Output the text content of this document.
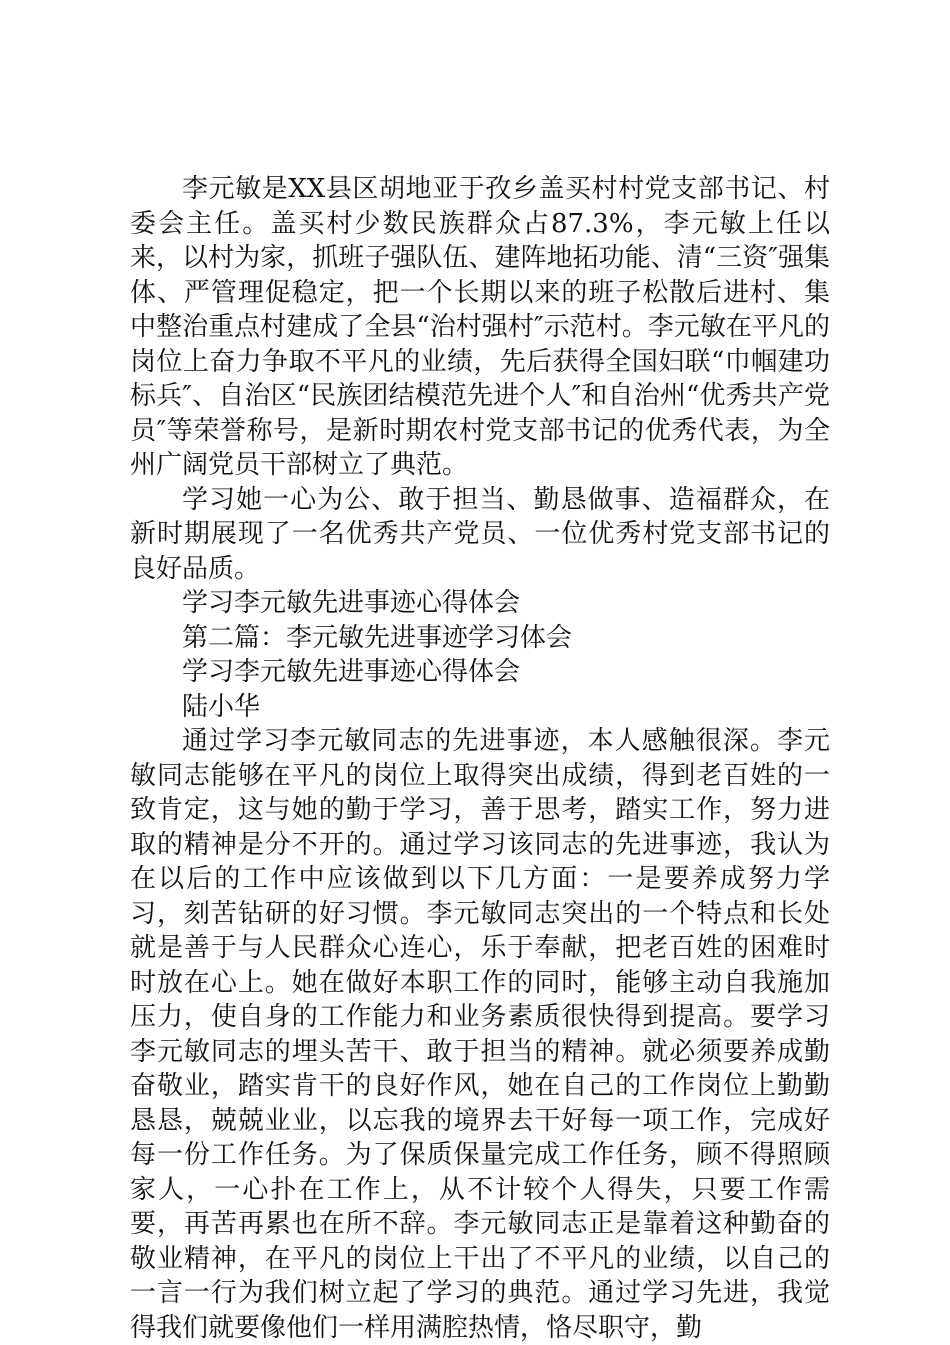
李元敏是XX县区胡地亚于孜乡盖买村村党支部书记、村委会主任。盖买村少数民族群众占87.3%，李元敏上任以来，以村为家，抓班子强队伍、建阵地拓功能、清“三资″强集体、严管理促稳定，把一个长期以来的班子松散后进村、集中整治重点村建成了全县“治村强村″示范村。李元敏在平凡的岗位上奋力争取不平凡的业绩，先后获得全国妇联“巾帼建功标兵″、自治区“民族团结模范先进个人″和自治州“优秀共产党员″等荣誉称号，是新时期农村党支部书记的优秀代表，为全州广阔党员干部树立了典范。

学习她一心为公、敢于担当、勤恳做事、造福群众，在新时期展现了一名优秀共产党员、一位优秀村党支部书记的良好品质。

学习李元敏先进事迹心得体会

第二篇：李元敏先进事迹学习体会

学习李元敏先进事迹心得体会

陆小华

通过学习李元敏同志的先进事迹，本人感触很深。李元敏同志能够在平凡的岗位上取得突出成绩，得到老百姓的一致肯定，这与她的勤于学习，善于思考，踏实工作，努力进取的精神是分不开的。通过学习该同志的先进事迹，我认为在以后的工作中应该做到以下几方面：一是要养成努力学习，刻苦钻研的好习惯。李元敏同志突出的一个特点和长处就是善于与人民群众心连心，乐于奉献，把老百姓的困难时时放在心上。她在做好本职工作的同时，能够主动自我施加压力，使自身的工作能力和业务素质很快得到提高。要学习李元敏同志的埋头苦干、敢于担当的精神。就必须要养成勤奋敬业，踏实肯干的良好作风，她在自己的工作岗位上勤勤恳恳，兢兢业业，以忘我的境界去干好每一项工作，完成好每一份工作任务。为了保质保量完成工作任务，顾不得照顾家人，一心扑在工作上，从不计较个人得失，只要工作需要，再苦再累也在所不辞。李元敏同志正是靠着这种勤奋的敬业精神，在平凡的岗位上干出了不平凡的业绩，以自己的一言一行为我们树立起了学习的典范。通过学习先进，我觉得我们就要像他们一样用满腔热情，恪尽职守，勤
